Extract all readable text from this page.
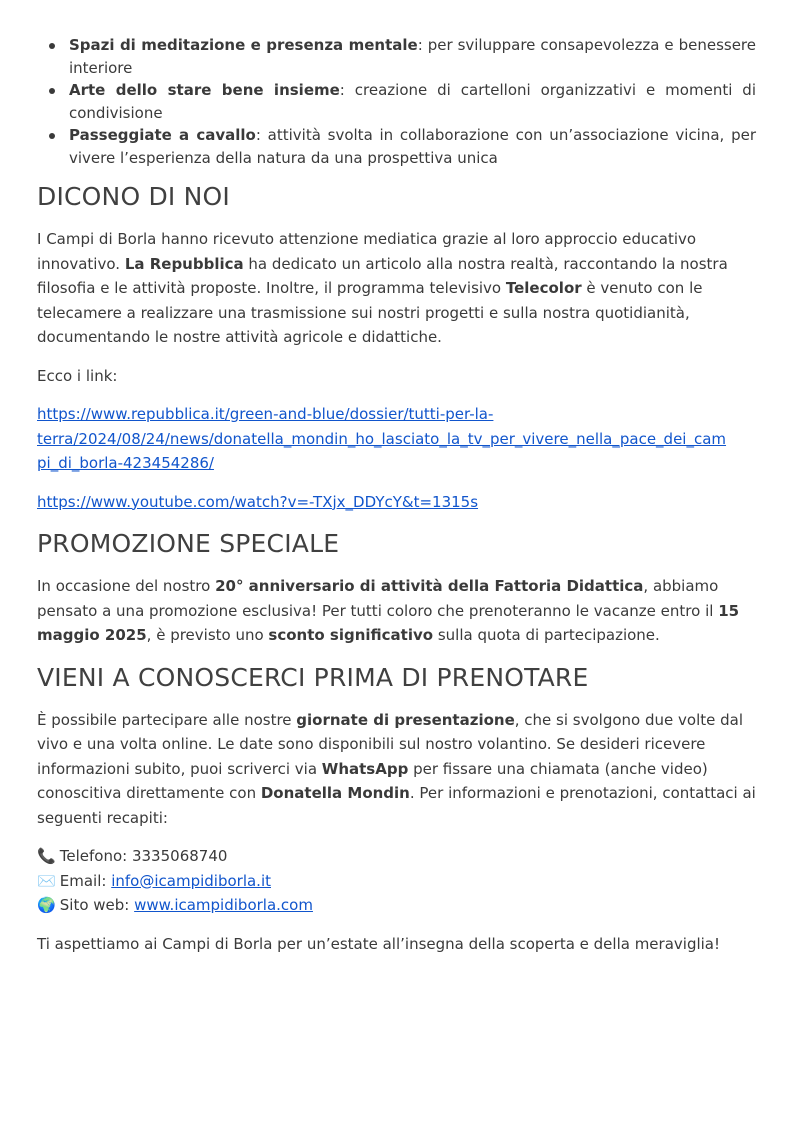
Spazi di meditazione e presenza mentale: per sviluppare consapevolezza e benessere interiore
Arte dello stare bene insieme: creazione di cartelloni organizzativi e momenti di condivisione
Passeggiate a cavallo: attività svolta in collaborazione con un’associazione vicina, per vivere l’esperienza della natura da una prospettiva unica
DICONO DI NOI

I Campi di Borla hanno ricevuto attenzione mediatica grazie al loro approccio educativo innovativo. La Repubblica ha dedicato un articolo alla nostra realtà, raccontando la nostra filosofia e le attività proposte. Inoltre, il programma televisivo Telecolor è venuto con le telecamere a realizzare una trasmissione sui nostri progetti e sulla nostra quotidianità, documentando le nostre attività agricole e didattiche.

Ecco i link:

https://www.repubblica.it/green-and-blue/dossier/tutti-per-la-
terra/2024/08/24/news/donatella_mondin_ho_lasciato_la_tv_per_vivere_nella_pace_dei_cam
pi_di_borla-423454286/

https://www.youtube.com/watch?v=-TXjx_DDYcY&t=1315s

PROMOZIONE SPECIALE

In occasione del nostro 20° anniversario di attività della Fattoria Didattica, abbiamo pensato a una promozione esclusiva! Per tutti coloro che prenoteranno le vacanze entro il 15 maggio 2025, è previsto uno sconto significativo sulla quota di partecipazione.

VIENI A CONOSCERCI PRIMA DI PRENOTARE

È possibile partecipare alle nostre giornate di presentazione, che si svolgono due volte dal vivo e una volta online. Le date sono disponibili sul nostro volantino. Se desideri ricevere informazioni subito, puoi scriverci via WhatsApp per fissare una chiamata (anche video) conoscitiva direttamente con Donatella Mondin. Per informazioni e prenotazioni, contattaci ai seguenti recapiti:

📞 Telefono: 3335068740
✉️ Email: info@icampidiborla.it
🌍 Sito web: www.icampidiborla.com

Ti aspettiamo ai Campi di Borla per un’estate all’insegna della scoperta e della meraviglia!
